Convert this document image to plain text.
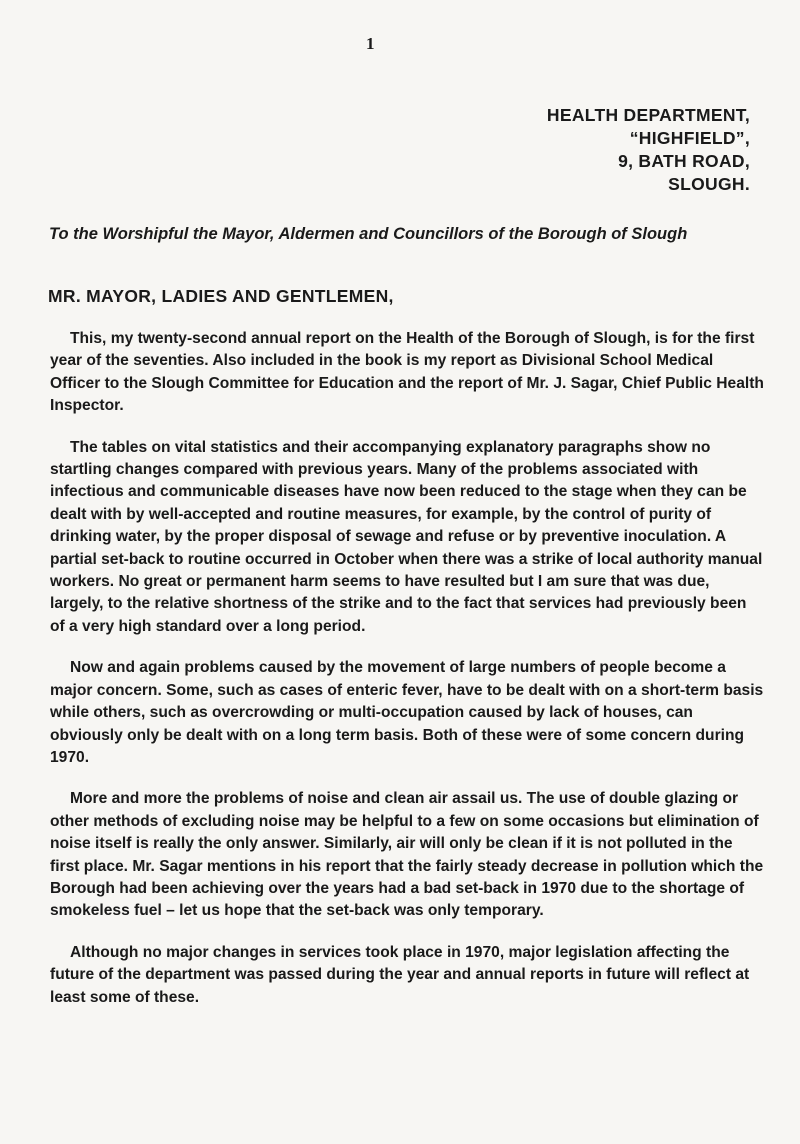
1
HEALTH DEPARTMENT,
“HIGHFIELD”,
9, BATH ROAD,
SLOUGH.
To the Worshipful the Mayor, Aldermen and Councillors of the Borough of Slough
MR. MAYOR, LADIES AND GENTLEMEN,

This, my twenty-second annual report on the Health of the Borough of Slough, is for the first year of the seventies. Also included in the book is my report as Divisional School Medical Officer to the Slough Committee for Education and the report of Mr. J. Sagar, Chief Public Health Inspector.

The tables on vital statistics and their accompanying explanatory paragraphs show no startling changes compared with previous years. Many of the problems associated with infectious and communicable diseases have now been reduced to the stage when they can be dealt with by well-accepted and routine measures, for example, by the control of purity of drinking water, by the proper disposal of sewage and refuse or by preventive inoculation. A partial set-back to routine occurred in October when there was a strike of local authority manual workers. No great or permanent harm seems to have resulted but I am sure that was due, largely, to the relative shortness of the strike and to the fact that services had previously been of a very high standard over a long period.

Now and again problems caused by the movement of large numbers of people become a major concern. Some, such as cases of enteric fever, have to be dealt with on a short-term basis while others, such as overcrowding or multi-occupation caused by lack of houses, can obviously only be dealt with on a long term basis. Both of these were of some concern during 1970.

More and more the problems of noise and clean air assail us. The use of double glazing or other methods of excluding noise may be helpful to a few on some occasions but elimination of noise itself is really the only answer. Similarly, air will only be clean if it is not polluted in the first place. Mr. Sagar mentions in his report that the fairly steady decrease in pollution which the Borough had been achieving over the years had a bad set-back in 1970 due to the shortage of smokeless fuel – let us hope that the set-back was only temporary.

Although no major changes in services took place in 1970, major legislation affecting the future of the department was passed during the year and annual reports in future will reflect at least some of these.
